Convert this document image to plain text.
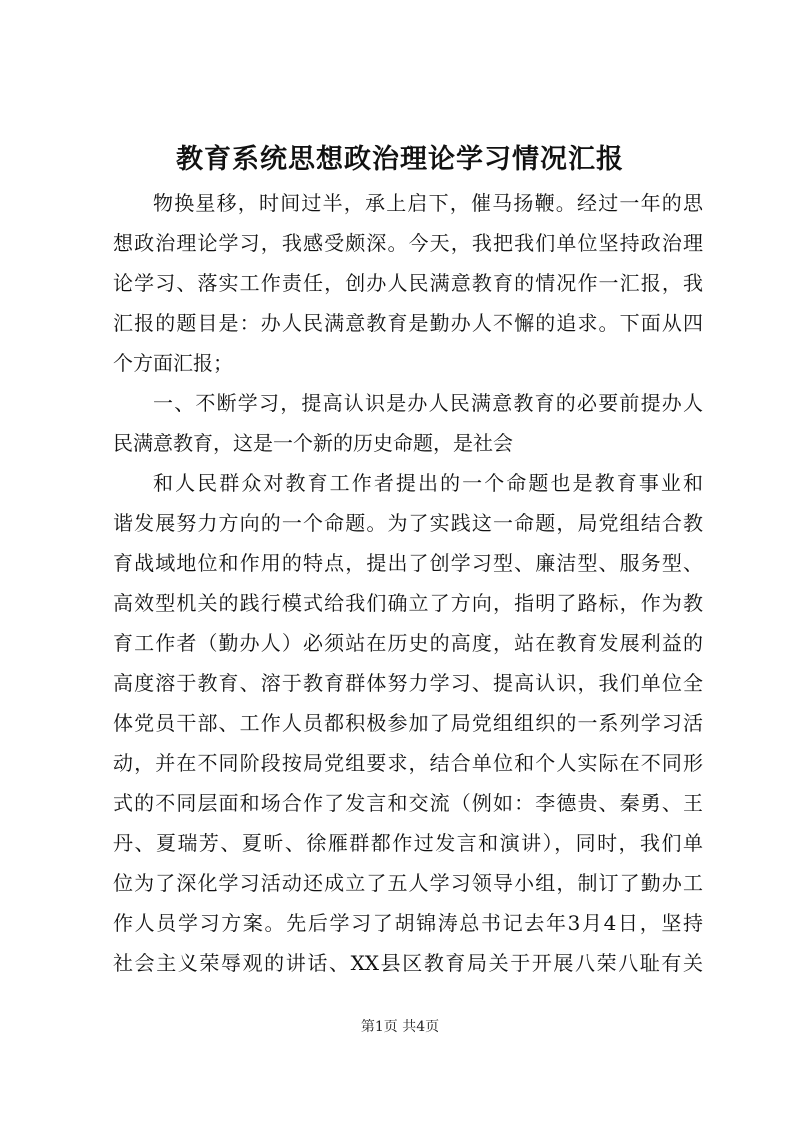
教育系统思想政治理论学习情况汇报

物换星移，时间过半，承上启下，催马扬鞭。经过一年的思

想政治理论学习，我感受颇深。今天，我把我们单位坚持政治理

论学习、落实工作责任，创办人民满意教育的情况作一汇报，我

汇报的题目是：办人民满意教育是勤办人不懈的追求。下面从四

个方面汇报；

一、不断学习，提高认识是办人民满意教育的必要前提办人

民满意教育，这是一个新的历史命题，是社会

和人民群众对教育工作者提出的一个命题也是教育事业和

谐发展努力方向的一个命题。为了实践这一命题，局党组结合教

育战域地位和作用的特点，提出了创学习型、廉洁型、服务型、

高效型机关的践行模式给我们确立了方向，指明了路标，作为教

育工作者（勤办人）必须站在历史的高度，站在教育发展利益的

高度溶于教育、溶于教育群体努力学习、提高认识，我们单位全

体党员干部、工作人员都积极参加了局党组组织的一系列学习活

动，并在不同阶段按局党组要求，结合单位和个人实际在不同形

式的不同层面和场合作了发言和交流（例如：李德贵、秦勇、王

丹、夏瑞芳、夏昕、徐雁群都作过发言和演讲），同时，我们单

位为了深化学习活动还成立了五人学习领导小组，制订了勤办工

作人员学习方案。先后学习了胡锦涛总书记去年3月4日，坚持

社会主义荣辱观的讲话、XX县区教育局关于开展八荣八耻有关

第1页 共4页
